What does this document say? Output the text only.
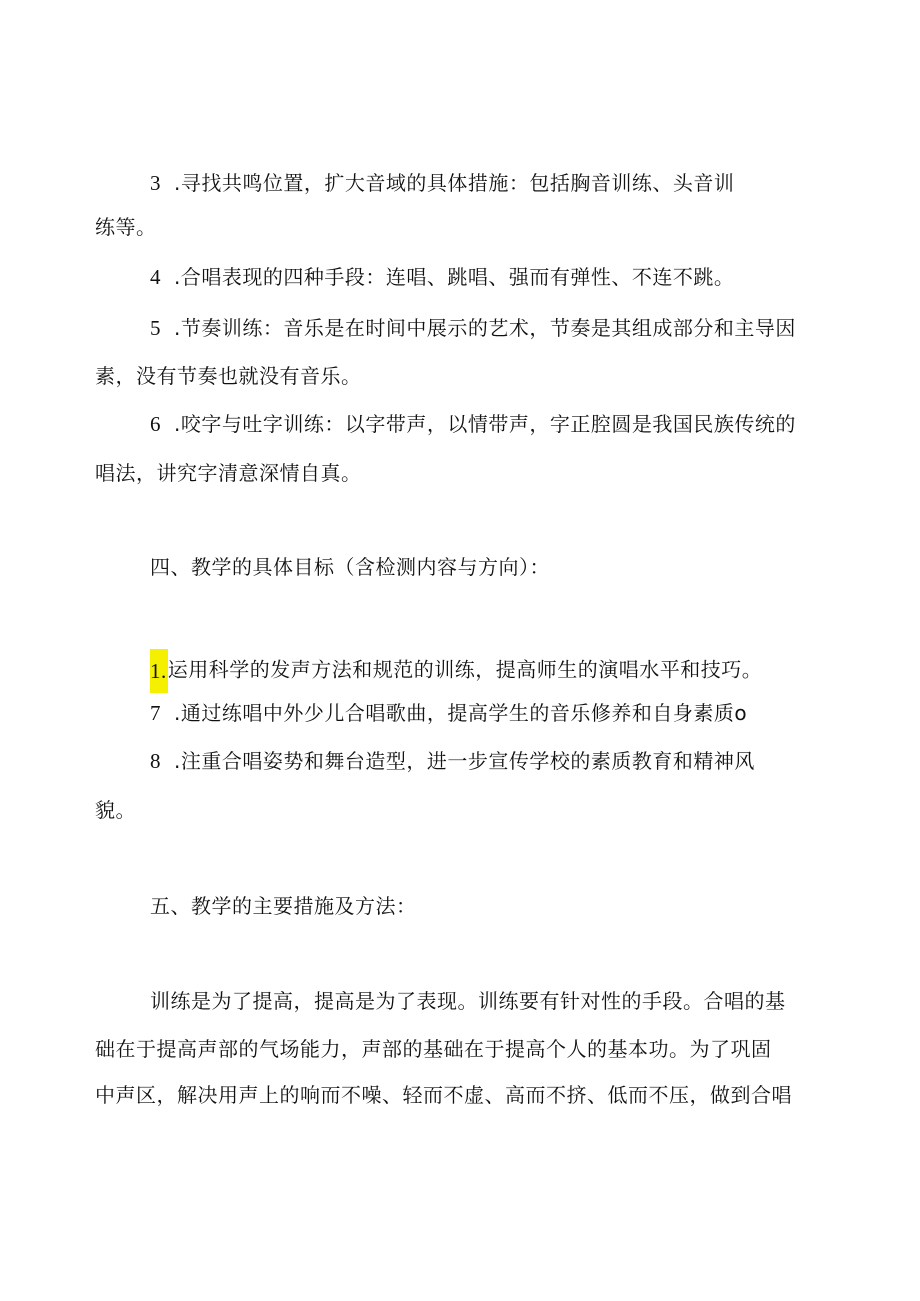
3 .寻找共鸣位置，扩大音域的具体措施：包括胸音训练、头音训
练等。
4 .合唱表现的四种手段：连唱、跳唱、强而有弹性、不连不跳。
5 .节奏训练：音乐是在时间中展示的艺术，节奏是其组成部分和主导因
素，没有节奏也就没有音乐。
6 .咬字与吐字训练：以字带声，以情带声，字正腔圆是我国民族传统的
唱法，讲究字清意深情自真。
四、教学的具体目标（含检测内容与方向）：
1.运用科学的发声方法和规范的训练，提高师生的演唱水平和技巧。
7 .通过练唱中外少儿合唱歌曲，提高学生的音乐修养和自身素质o
8 .注重合唱姿势和舞台造型，进一步宣传学校的素质教育和精神风
貌。
五、教学的主要措施及方法：
训练是为了提高，提高是为了表现。训练要有针对性的手段。合唱的基
础在于提高声部的气场能力，声部的基础在于提高个人的基本功。为了巩固
中声区，解决用声上的响而不噪、轻而不虚、高而不挤、低而不压，做到合唱
